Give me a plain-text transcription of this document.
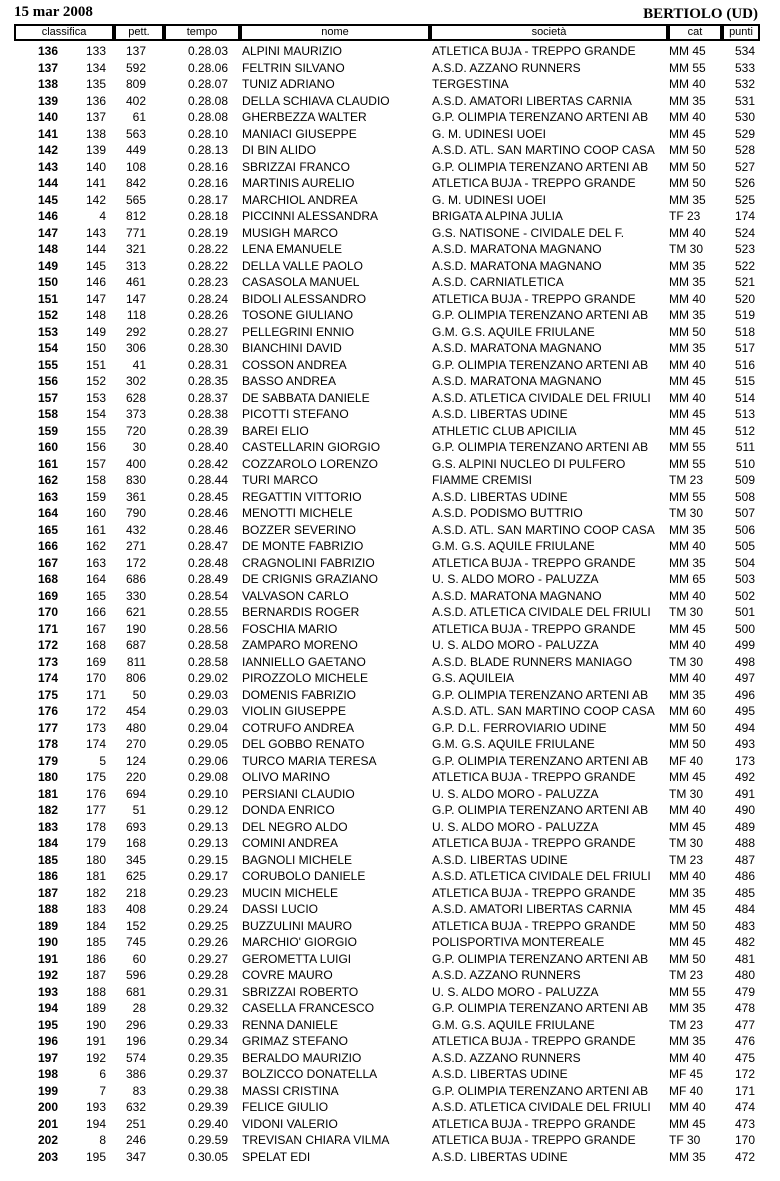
15 mar 2008	BERTIOLO (UD)
classifica	pett.	tempo	nome	società	cat	punti
136	133	137	0.28.03 ALPINI MAURIZIO	ATLETICA BUJA - TREPPO GRANDE	MM 45	534
137	134	592	0.28.06 FELTRIN SILVANO	A.S.D. AZZANO RUNNERS	MM 55	533
138	135	809	0.28.07 TUNIZ ADRIANO	TERGESTINA	MM 40	532
139	136	402	0.28.08 DELLA SCHIAVA CLAUDIO	A.S.D. AMATORI LIBERTAS CARNIA	MM 35	531
140	137	61	0.28.08 GHERBEZZA WALTER	G.P. OLIMPIA TERENZANO ARTENI AB	MM 40	530
141	138	563	0.28.10 MANIACI GIUSEPPE	G. M. UDINESI UOEI	MM 45	529
142	139	449	0.28.13 DI BIN ALIDO	A.S.D. ATL. SAN MARTINO COOP CASA	MM 50	528
143	140	108	0.28.16 SBRIZZAI FRANCO	G.P. OLIMPIA TERENZANO ARTENI AB	MM 50	527
144	141	842	0.28.16 MARTINIS AURELIO	ATLETICA BUJA - TREPPO GRANDE	MM 50	526
145	142	565	0.28.17 MARCHIOL ANDREA	G. M. UDINESI UOEI	MM 35	525
146	4	812	0.28.18 PICCINNI ALESSANDRA	BRIGATA ALPINA JULIA	TF 23	174
147	143	771	0.28.19 MUSIGH MARCO	G.S. NATISONE - CIVIDALE DEL F.	MM 40	524
148	144	321	0.28.22 LENA EMANUELE	A.S.D. MARATONA MAGNANO	TM 30	523
149	145	313	0.28.22 DELLA VALLE PAOLO	A.S.D. MARATONA MAGNANO	MM 35	522
150	146	461	0.28.23 CASASOLA MANUEL	A.S.D. CARNIATLETICA	MM 35	521
151	147	147	0.28.24 BIDOLI ALESSANDRO	ATLETICA BUJA - TREPPO GRANDE	MM 40	520
152	148	118	0.28.26 TOSONE GIULIANO	G.P. OLIMPIA TERENZANO ARTENI AB	MM 35	519
153	149	292	0.28.27 PELLEGRINI ENNIO	G.M. G.S. AQUILE FRIULANE	MM 50	518
154	150	306	0.28.30 BIANCHINI DAVID	A.S.D. MARATONA MAGNANO	MM 35	517
155	151	41	0.28.31 COSSON ANDREA	G.P. OLIMPIA TERENZANO ARTENI AB	MM 40	516
156	152	302	0.28.35 BASSO ANDREA	A.S.D. MARATONA MAGNANO	MM 45	515
157	153	628	0.28.37 DE SABBATA DANIELE	A.S.D. ATLETICA CIVIDALE DEL FRIULI	MM 40	514
158	154	373	0.28.38 PICOTTI STEFANO	A.S.D. LIBERTAS UDINE	MM 45	513
159	155	720	0.28.39 BAREI ELIO	ATHLETIC CLUB APICILIA	MM 45	512
160	156	30	0.28.40 CASTELLARIN GIORGIO	G.P. OLIMPIA TERENZANO ARTENI AB	MM 55	511
161	157	400	0.28.42 COZZAROLO LORENZO	G.S. ALPINI NUCLEO DI PULFERO	MM 55	510
162	158	830	0.28.44 TURI MARCO	FIAMME CREMISI	TM 23	509
163	159	361	0.28.45 REGATTIN VITTORIO	A.S.D. LIBERTAS UDINE	MM 55	508
164	160	790	0.28.46 MENOTTI MICHELE	A.S.D. PODISMO BUTTRIO	TM 30	507
165	161	432	0.28.46 BOZZER SEVERINO	A.S.D. ATL. SAN MARTINO COOP CASA	MM 35	506
166	162	271	0.28.47 DE MONTE FABRIZIO	G.M. G.S. AQUILE FRIULANE	MM 40	505
167	163	172	0.28.48 CRAGNOLINI FABRIZIO	ATLETICA BUJA - TREPPO GRANDE	MM 35	504
168	164	686	0.28.49 DE CRIGNIS GRAZIANO	U. S. ALDO MORO - PALUZZA	MM 65	503
169	165	330	0.28.54 VALVASON CARLO	A.S.D. MARATONA MAGNANO	MM 40	502
170	166	621	0.28.55 BERNARDIS ROGER	A.S.D. ATLETICA CIVIDALE DEL FRIULI	TM 30	501
171	167	190	0.28.56 FOSCHIA MARIO	ATLETICA BUJA - TREPPO GRANDE	MM 45	500
172	168	687	0.28.58 ZAMPARO MORENO	U. S. ALDO MORO - PALUZZA	MM 40	499
173	169	811	0.28.58 IANNIELLO GAETANO	A.S.D. BLADE RUNNERS MANIAGO	TM 30	498
174	170	806	0.29.02 PIROZZOLO MICHELE	G.S. AQUILEIA	MM 40	497
175	171	50	0.29.03 DOMENIS FABRIZIO	G.P. OLIMPIA TERENZANO ARTENI AB	MM 35	496
176	172	454	0.29.03 VIOLIN GIUSEPPE	A.S.D. ATL. SAN MARTINO COOP CASA	MM 60	495
177	173	480	0.29.04 COTRUFO ANDREA	G.P. D.L. FERROVIARIO UDINE	MM 50	494
178	174	270	0.29.05 DEL GOBBO RENATO	G.M. G.S. AQUILE FRIULANE	MM 50	493
179	5	124	0.29.06 TURCO MARIA TERESA	G.P. OLIMPIA TERENZANO ARTENI AB	MF 40	173
180	175	220	0.29.08 OLIVO MARINO	ATLETICA BUJA - TREPPO GRANDE	MM 45	492
181	176	694	0.29.10 PERSIANI CLAUDIO	U. S. ALDO MORO - PALUZZA	TM 30	491
182	177	51	0.29.12 DONDA ENRICO	G.P. OLIMPIA TERENZANO ARTENI AB	MM 40	490
183	178	693	0.29.13 DEL NEGRO ALDO	U. S. ALDO MORO - PALUZZA	MM 45	489
184	179	168	0.29.13 COMINI ANDREA	ATLETICA BUJA - TREPPO GRANDE	TM 30	488
185	180	345	0.29.15 BAGNOLI MICHELE	A.S.D. LIBERTAS UDINE	TM 23	487
186	181	625	0.29.17 CORUBOLO DANIELE	A.S.D. ATLETICA CIVIDALE DEL FRIULI	MM 40	486
187	182	218	0.29.23 MUCIN MICHELE	ATLETICA BUJA - TREPPO GRANDE	MM 35	485
188	183	408	0.29.24 DASSI LUCIO	A.S.D. AMATORI LIBERTAS CARNIA	MM 45	484
189	184	152	0.29.25 BUZZULINI MAURO	ATLETICA BUJA - TREPPO GRANDE	MM 50	483
190	185	745	0.29.26 MARCHIO' GIORGIO	POLISPORTIVA MONTEREALE	MM 45	482
191	186	60	0.29.27 GEROMETTA LUIGI	G.P. OLIMPIA TERENZANO ARTENI AB	MM 50	481
192	187	596	0.29.28 COVRE MAURO	A.S.D. AZZANO RUNNERS	TM 23	480
193	188	681	0.29.31 SBRIZZAI ROBERTO	U. S. ALDO MORO - PALUZZA	MM 55	479
194	189	28	0.29.32 CASELLA FRANCESCO	G.P. OLIMPIA TERENZANO ARTENI AB	MM 35	478
195	190	296	0.29.33 RENNA DANIELE	G.M. G.S. AQUILE FRIULANE	TM 23	477
196	191	196	0.29.34 GRIMAZ STEFANO	ATLETICA BUJA - TREPPO GRANDE	MM 35	476
197	192	574	0.29.35 BERALDO MAURIZIO	A.S.D. AZZANO RUNNERS	MM 40	475
198	6	386	0.29.37 BOLZICCO DONATELLA	A.S.D. LIBERTAS UDINE	MF 45	172
199	7	83	0.29.38 MASSI CRISTINA	G.P. OLIMPIA TERENZANO ARTENI AB	MF 40	171
200	193	632	0.29.39 FELICE GIULIO	A.S.D. ATLETICA CIVIDALE DEL FRIULI	MM 40	474
201	194	251	0.29.40 VIDONI VALERIO	ATLETICA BUJA - TREPPO GRANDE	MM 45	473
202	8	246	0.29.59 TREVISAN CHIARA VILMA	ATLETICA BUJA - TREPPO GRANDE	TF 30	170
203	195	347	0.30.05 SPELAT EDI	A.S.D. LIBERTAS UDINE	MM 35	472
